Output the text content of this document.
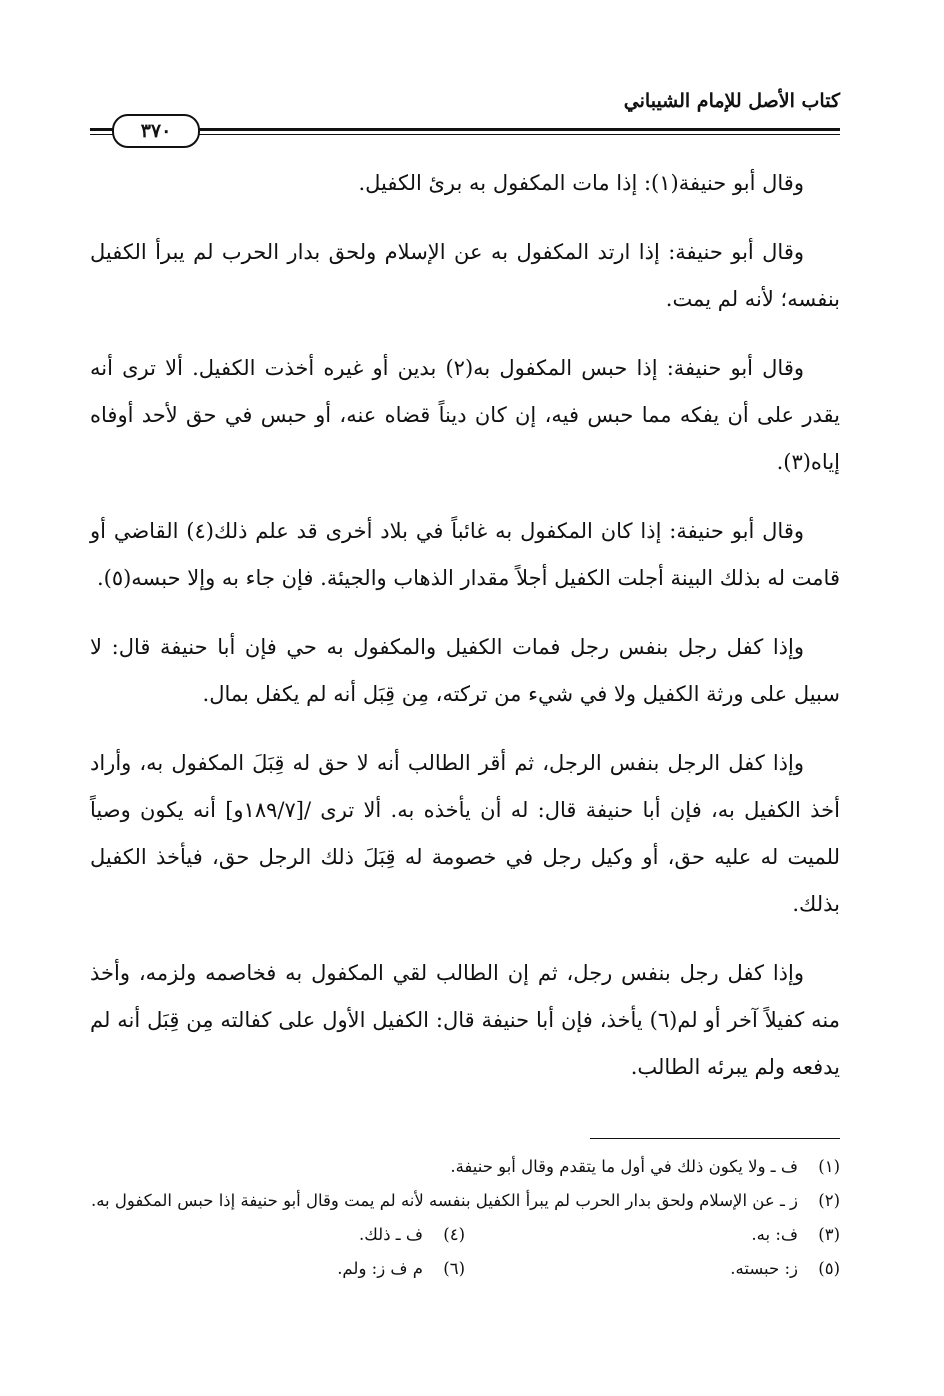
كتاب الأصل للإمام الشيباني
٣٧٠

وقال أبو حنيفة(١): إذا مات المكفول به برئ الكفيل.

وقال أبو حنيفة: إذا ارتد المكفول به عن الإسلام ولحق بدار الحرب لم يبرأ الكفيل بنفسه؛ لأنه لم يمت.

وقال أبو حنيفة: إذا حبس المكفول به(٢) بدين أو غيره أخذت الكفيل. ألا ترى أنه يقدر على أن يفكه مما حبس فيه، إن كان ديناً قضاه عنه، أو حبس في حق لأحد أوفاه إياه(٣).

وقال أبو حنيفة: إذا كان المكفول به غائباً في بلاد أخرى قد علم ذلك(٤) القاضي أو قامت له بذلك البينة أجلت الكفيل أجلاً مقدار الذهاب والجيئة. فإن جاء به وإلا حبسه(٥).

وإذا كفل رجل بنفس رجل فمات الكفيل والمكفول به حي فإن أبا حنيفة قال: لا سبيل على ورثة الكفيل ولا في شيء من تركته، مِن قِبَل أنه لم يكفل بمال.

وإذا كفل الرجل بنفس الرجل، ثم أقر الطالب أنه لا حق له قِبَلَ المكفول به، وأراد أخذ الكفيل به، فإن أبا حنيفة قال: له أن يأخذه به. ألا ترى /[١٨٩/٧و] أنه يكون وصياً للميت له عليه حق، أو وكيل رجل في خصومة له قِبَلَ ذلك الرجل حق، فيأخذ الكفيل بذلك.

وإذا كفل رجل بنفس رجل، ثم إن الطالب لقي المكفول به فخاصمه ولزمه، وأخذ منه كفيلاً آخر أو لم(٦) يأخذ، فإن أبا حنيفة قال: الكفيل الأول على كفالته مِن قِبَل أنه لم يدفعه ولم يبرئه الطالب.

(١)
ف ـ ولا يكون ذلك في أول ما يتقدم وقال أبو حنيفة.
(٢)
ز ـ عن الإسلام ولحق بدار الحرب لم يبرأ الكفيل بنفسه لأنه لم يمت وقال أبو حنيفة إذا حبس المكفول به.
(٣)
ف: به.
(٤)
ف ـ ذلك.
(٥)
ز: حبسته.
(٦)
م ف ز: ولم.
